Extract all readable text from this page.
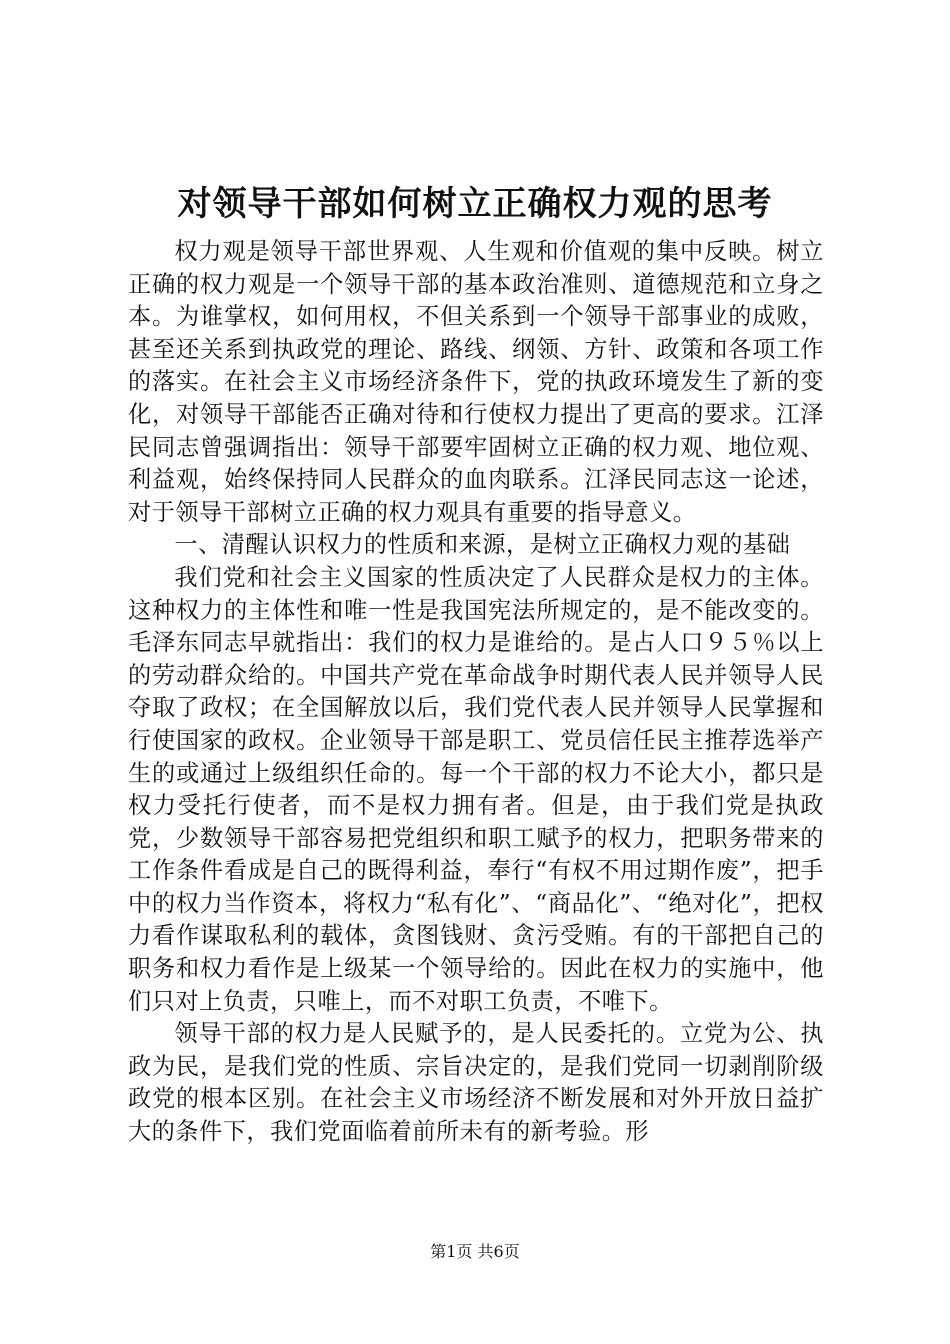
对领导干部如何树立正确权力观的思考

权力观是领导干部世界观、人生观和价值观的集中反映。树立正确的权力观是一个领导干部的基本政治准则、道德规范和立身之本。为谁掌权，如何用权，不但关系到一个领导干部事业的成败，甚至还关系到执政党的理论、路线、纲领、方针、政策和各项工作的落实。在社会主义市场经济条件下，党的执政环境发生了新的变化，对领导干部能否正确对待和行使权力提出了更高的要求。江泽民同志曾强调指出：领导干部要牢固树立正确的权力观、地位观、利益观，始终保持同人民群众的血肉联系。江泽民同志这一论述，对于领导干部树立正确的权力观具有重要的指导意义。

一、清醒认识权力的性质和来源，是树立正确权力观的基础

我们党和社会主义国家的性质决定了人民群众是权力的主体。这种权力的主体性和唯一性是我国宪法所规定的，是不能改变的。毛泽东同志早就指出：我们的权力是谁给的。是占人口９５％以上的劳动群众给的。中国共产党在革命战争时期代表人民并领导人民夺取了政权；在全国解放以后，我们党代表人民并领导人民掌握和行使国家的政权。企业领导干部是职工、党员信任民主推荐选举产生的或通过上级组织任命的。每一个干部的权力不论大小，都只是权力受托行使者，而不是权力拥有者。但是，由于我们党是执政党，少数领导干部容易把党组织和职工赋予的权力，把职务带来的工作条件看成是自己的既得利益，奉行“有权不用过期作废”，把手中的权力当作资本，将权力“私有化”、“商品化”、“绝对化”，把权力看作谋取私利的载体，贪图钱财、贪污受贿。有的干部把自己的职务和权力看作是上级某一个领导给的。因此在权力的实施中，他们只对上负责，只唯上，而不对职工负责，不唯下。

领导干部的权力是人民赋予的，是人民委托的。立党为公、执政为民，是我们党的性质、宗旨决定的，是我们党同一切剥削阶级政党的根本区别。在社会主义市场经济不断发展和对外开放日益扩大的条件下，我们党面临着前所未有的新考验。形

第1页 共6页
